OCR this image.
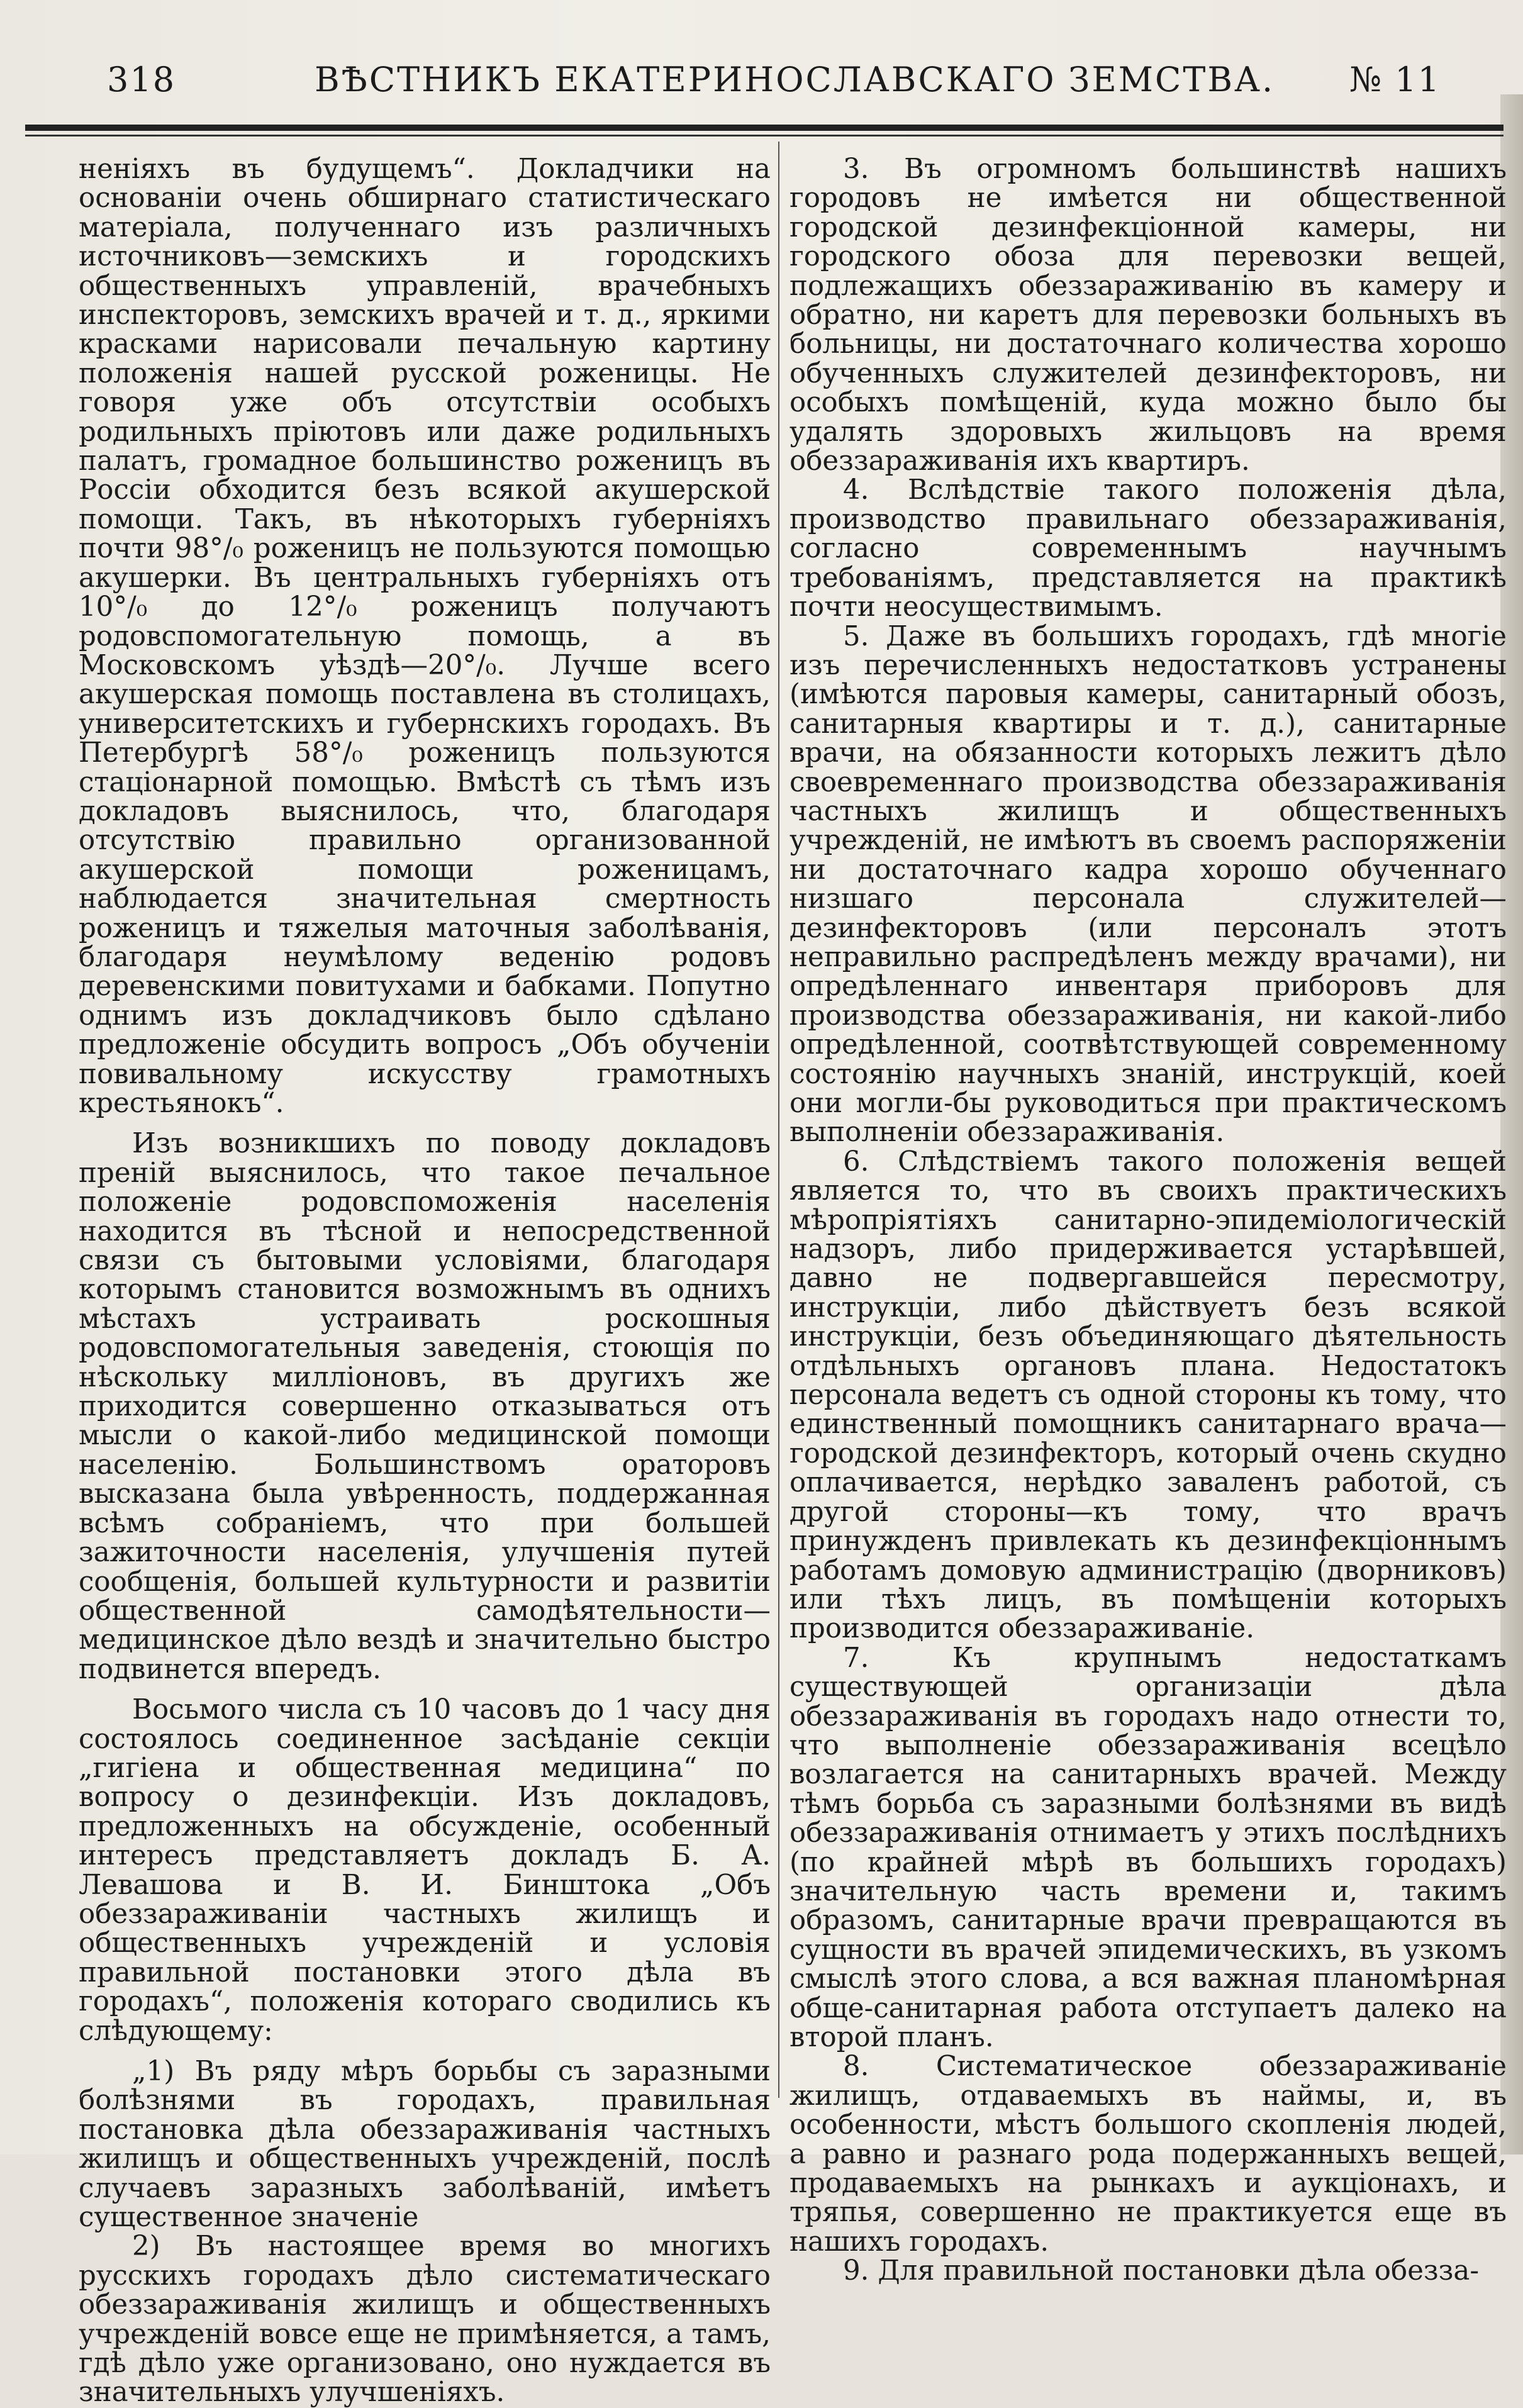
318	ВѢСТНИКЪ ЕКАТЕРИНОСЛАВСКАГО ЗЕМСТВА. № 11

неніяхъ въ будущемъ“. Докладчики на основаніи очень обширнаго статистическаго матеріала, полученнаго изъ различныхъ источниковъ—земскихъ и городскихъ общественныхъ управленій, врачебныхъ инспекторовъ, земскихъ врачей и т. д., яркими красками нарисовали печальную картину положенія нашей русской роженицы. Не говоря уже объ отсутствіи особыхъ родильныхъ пріютовъ или даже родильныхъ палатъ, громадное большинство роженицъ въ Россіи обходится безъ всякой акушерской помощи. Такъ, въ нѣкоторыхъ губерніяхъ почти 98°/₀ роженицъ не пользуются помощью акушерки. Въ центральныхъ губерніяхъ отъ 10°/₀ до 12°/₀ роженицъ получаютъ родовспомогательную помощь, а въ Московскомъ уѣздѣ—20°/₀. Лучше всего акушерская помощь поставлена въ столицахъ, университетскихъ и губернскихъ городахъ. Въ Петербургѣ 58°/₀ роженицъ пользуются стаціонарной помощью. Вмѣстѣ съ тѣмъ изъ докладовъ выяснилось, что, благодаря отсутствію правильно организованной акушерской помощи роженицамъ, наблюдается значительная смертность роженицъ и тяжелыя маточныя заболѣванія, благодаря неумѣлому веденію родовъ деревенскими повитухами и бабками. Попутно однимъ изъ докладчиковъ было сдѣлано предложеніе обсудить вопросъ „Объ обученіи повивальному искусству грамотныхъ крестьянокъ“.

Изъ возникшихъ по поводу докладовъ преній выяснилось, что такое печальное положеніе родовспоможенія населенія находится въ тѣсной и непосредственной связи съ бытовыми условіями, благодаря которымъ становится возможнымъ въ однихъ мѣстахъ устраивать роскошныя родовспомогательныя заведенія, стоющія по нѣскольку милліоновъ, въ другихъ же приходится совершенно отказываться отъ мысли о какой-либо медицинской помощи населенію. Большинствомъ ораторовъ высказана была увѣренность, поддержанная всѣмъ собраніемъ, что при большей зажиточности населенія, улучшенія путей сообщенія, большей культурности и развитіи общественной самодѣятельности—медицинское дѣло вездѣ и значительно быстро подвинется впередъ.

Восьмого числа съ 10 часовъ до 1 часу дня состоялось соединенное засѣданіе секціи „гигіена и общественная медицина“ по вопросу о дезинфекціи. Изъ докладовъ, предложенныхъ на обсужденіе, особенный интересъ представляетъ докладъ Б. А. Левашова и В. И. Бинштока „Объ обеззараживаніи частныхъ жилищъ и общественныхъ учрежденій и условія правильной постановки этого дѣла въ городахъ“, положенія котораго сводились къ слѣдующему:

„1) Въ ряду мѣръ борьбы съ заразными болѣзнями въ городахъ, правильная постановка дѣла обеззараживанія частныхъ жилищъ и общественныхъ учрежденій, послѣ случаевъ заразныхъ заболѣваній, имѣетъ существенное значеніе

2) Въ настоящее время во многихъ русскихъ городахъ дѣло систематическаго обеззараживанія жилищъ и общественныхъ учрежденій вовсе еще не примѣняется, а тамъ, гдѣ дѣло уже организовано, оно нуждается въ значительныхъ улучшеніяхъ.

3. Въ огромномъ большинствѣ нашихъ городовъ не имѣется ни общественной городской дезинфекціонной камеры, ни городского обоза для перевозки вещей, подлежащихъ обеззараживанію въ камеру и обратно, ни каретъ для перевозки больныхъ въ больницы, ни достаточнаго количества хорошо обученныхъ служителей дезинфекторовъ, ни особыхъ помѣщеній, куда можно было бы удалять здоровыхъ жильцовъ на время обеззараживанія ихъ квартиръ.

4. Вслѣдствіе такого положенія дѣла, производство правильнаго обеззараживанія, согласно современнымъ научнымъ требованіямъ, представляется на практикѣ почти неосуществимымъ.

5. Даже въ большихъ городахъ, гдѣ многіе изъ перечисленныхъ недостатковъ устранены (имѣются паровыя камеры, санитарный обозъ, санитарныя квартиры и т. д.), санитарные врачи, на обязанности которыхъ лежитъ дѣло своевременнаго производства обеззараживанія частныхъ жилищъ и общественныхъ учрежденій, не имѣютъ въ своемъ распоряженіи ни достаточнаго кадра хорошо обученнаго низшаго персонала служителей—дезинфекторовъ (или персоналъ этотъ неправильно распредѣленъ между врачами), ни опредѣленнаго инвентаря приборовъ для производства обеззараживанія, ни какой-либо опредѣленной, соотвѣтствующей современному состоянію научныхъ знаній, инструкцій, коей они могли-бы руководиться при практическомъ выполненіи обеззараживанія.

6. Слѣдствіемъ такого положенія вещей является то, что въ своихъ практическихъ мѣропріятіяхъ санитарно-эпидеміологическій надзоръ, либо придерживается устарѣвшей, давно не подвергавшейся пересмотру, инструкціи, либо дѣйствуетъ безъ всякой инструкціи, безъ объединяющаго дѣятельность отдѣльныхъ органовъ плана. Недостатокъ персонала ведетъ съ одной стороны къ тому, что единственный помощникъ санитарнаго врача—городской дезинфекторъ, который очень скудно оплачивается, нерѣдко заваленъ работой, съ другой стороны—къ тому, что врачъ принужденъ привлекать къ дезинфекціоннымъ работамъ домовую администрацію (дворниковъ) или тѣхъ лицъ, въ помѣщеніи которыхъ производится обеззараживаніе.

7. Къ крупнымъ недостаткамъ существующей организаціи дѣла обеззараживанія въ городахъ надо отнести то, что выполненіе обеззараживанія всецѣло возлагается на санитарныхъ врачей. Между тѣмъ борьба съ заразными болѣзнями въ видѣ обеззараживанія отнимаетъ у этихъ послѣднихъ (по крайней мѣрѣ въ большихъ городахъ) значительную часть времени и, такимъ образомъ, санитарные врачи превращаются въ сущности въ врачей эпидемическихъ, въ узкомъ смыслѣ этого слова, а вся важная планомѣрная обще-санитарная работа отступаетъ далеко на второй планъ.

8. Систематическое обеззараживаніе жилищъ, отдаваемыхъ въ наймы, и, въ особенности, мѣстъ большого скопленія людей, а равно и разнаго рода подержанныхъ вещей, продаваемыхъ на рынкахъ и аукціонахъ, и тряпья, совершенно не практикуется еще въ нашихъ городахъ.

9. Для правильной постановки дѣла обезза-
